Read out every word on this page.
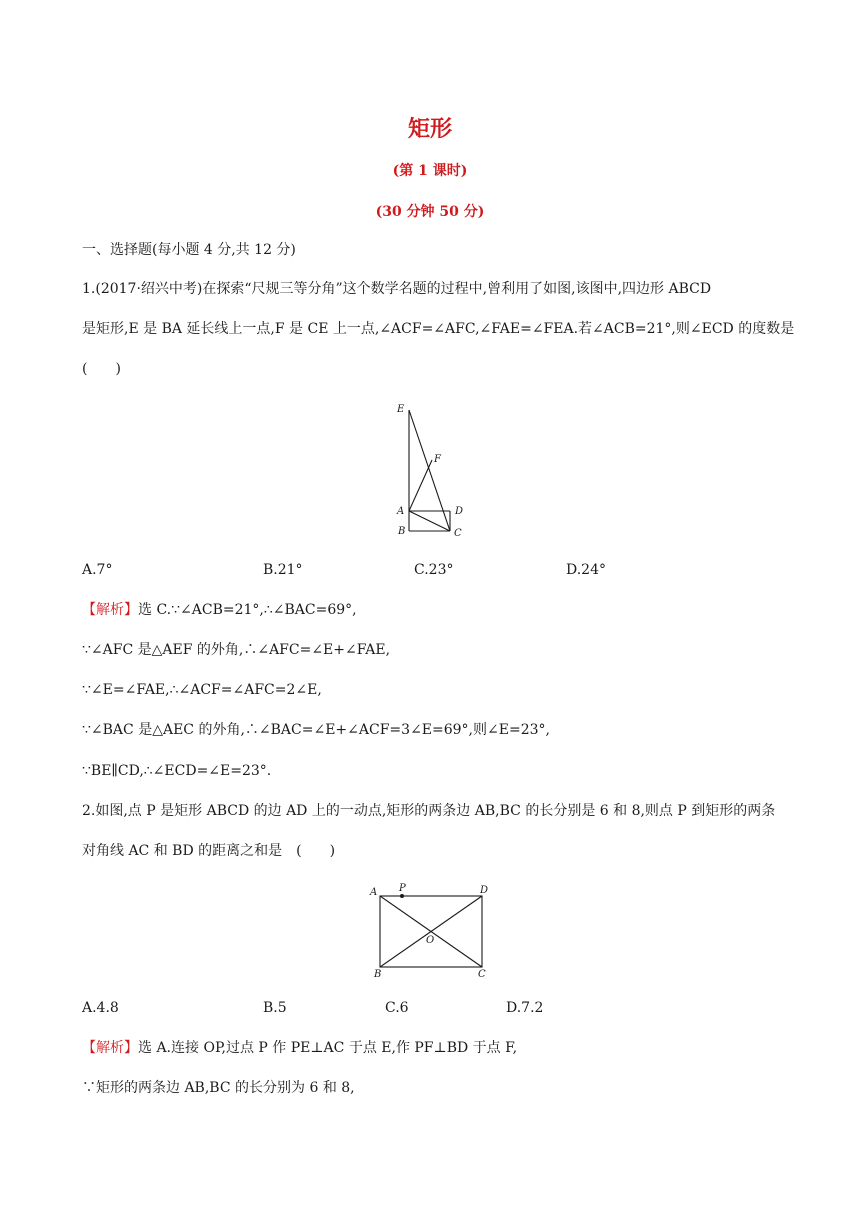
矩形
(第 1 课时)
(30 分钟 50 分)
一、选择题(每小题 4 分,共 12 分)
1.(2017·绍兴中考)在探索“尺规三等分角”这个数学名题的过程中,曾利用了如图,该图中,四边形 ABCD
是矩形,E 是 BA 延长线上一点,F 是 CE 上一点,∠ACF=∠AFC,∠FAE=∠FEA.若∠ACB=21°,则∠ECD 的度数是
(　　)
E
F
A	D
B	C
A.7°	B.21°	C.23°	D.24°
【解析】选 C.∵∠ACB=21°,∴∠BAC=69°,
∵∠AFC 是△AEF 的外角,∴∠AFC=∠E+∠FAE,
∵∠E=∠FAE,∴∠ACF=∠AFC=2∠E,
∵∠BAC 是△AEC 的外角,∴∠BAC=∠E+∠ACF=3∠E=69°,则∠E=23°,
∵BE∥CD,∴∠ECD=∠E=23°.
2.如图,点 P 是矩形 ABCD 的边 AD 上的一动点,矩形的两条边 AB,BC 的长分别是 6 和 8,则点 P 到矩形的两条
对角线 AC 和 BD 的距离之和是　(　　)
A P	D
O
B	C
A.4.8	B.5	C.6	D.7.2
【解析】选 A.连接 OP,过点 P 作 PE⊥AC 于点 E,作 PF⊥BD 于点 F,
∵矩形的两条边 AB,BC 的长分别为 6 和 8,
